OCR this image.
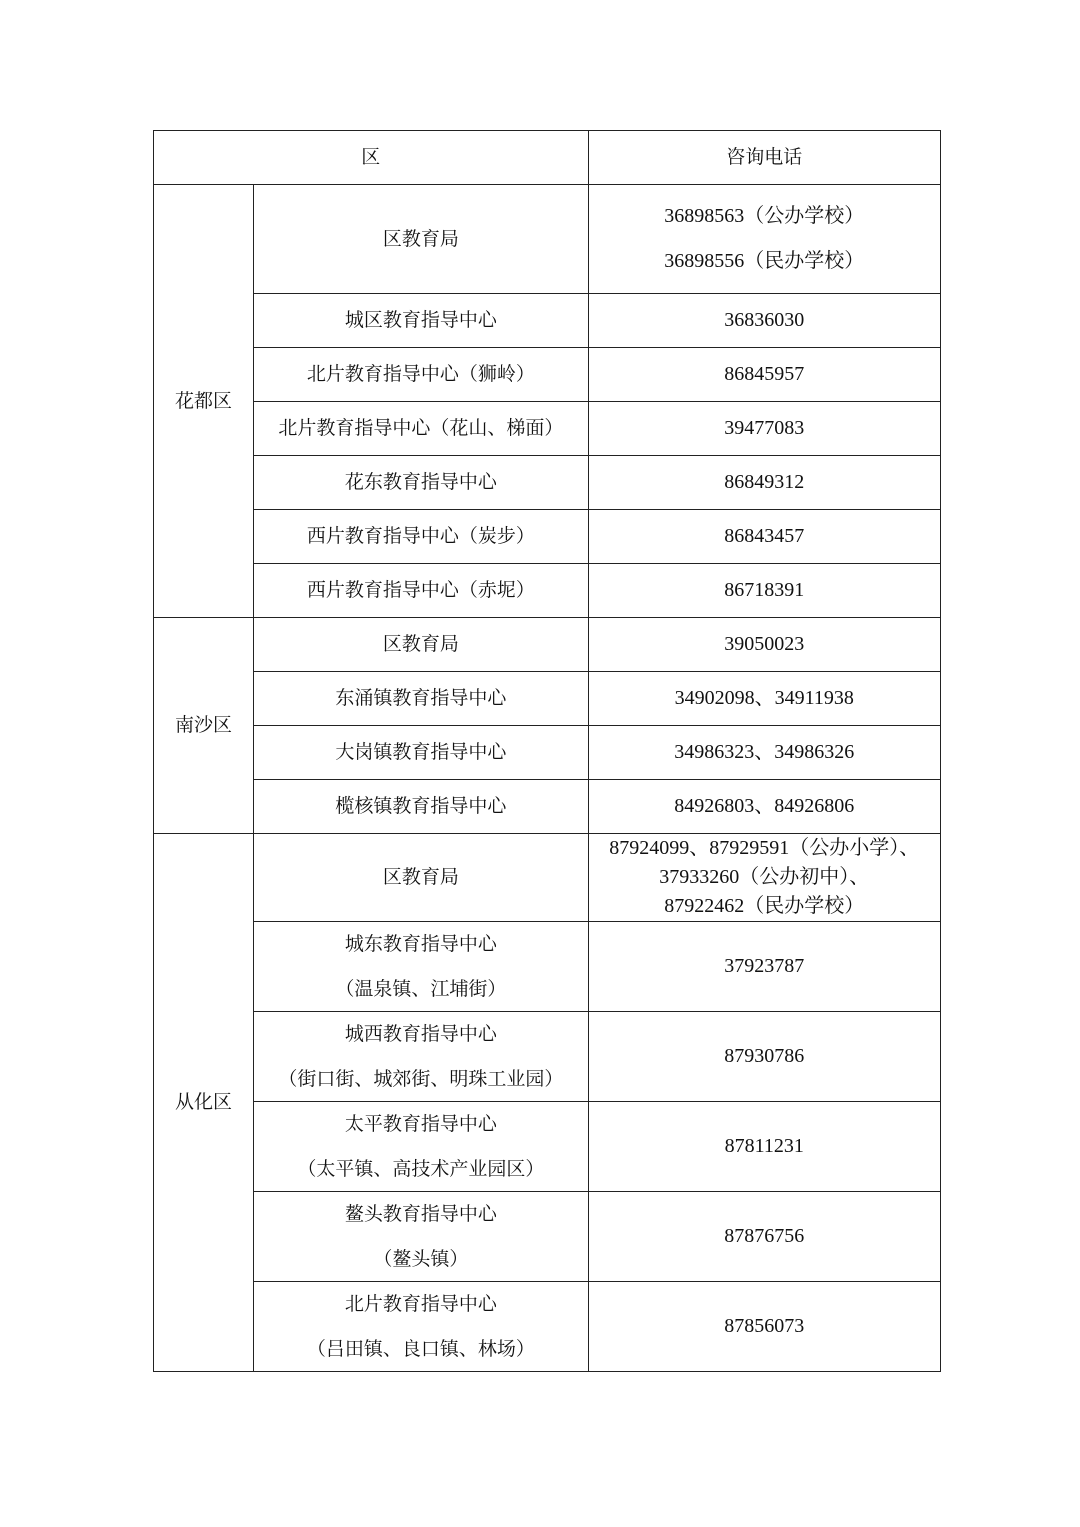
区		咨询电话
花都区	区教育局	36898563（公办学校）
36898556（民办学校）

	城区教育指导中心	36836030
	北片教育指导中心（狮岭）	86845957
	北片教育指导中心（花山、梯面）	39477083
	花东教育指导中心	86849312
	西片教育指导中心（炭步）	86843457
	西片教育指导中心（赤坭）	86718391
南沙区	区教育局	39050023
	东涌镇教育指导中心	34902098、34911938
	大岗镇教育指导中心	34986323、34986326
	榄核镇教育指导中心	84926803、84926806
从化区	区教育局	87924099、87929591（公办小学）、
37933260（公办初中）、
87922462（民办学校）

	城东教育指导中心
（温泉镇、江埔街）	37923787

	城西教育指导中心
（街口街、城郊街、明珠工业园）	87930786

	太平教育指导中心
（太平镇、高技术产业园区）	87811231

	鳌头教育指导中心
（鳌头镇）	87876756

	北片教育指导中心
（吕田镇、良口镇、林场）	87856073
